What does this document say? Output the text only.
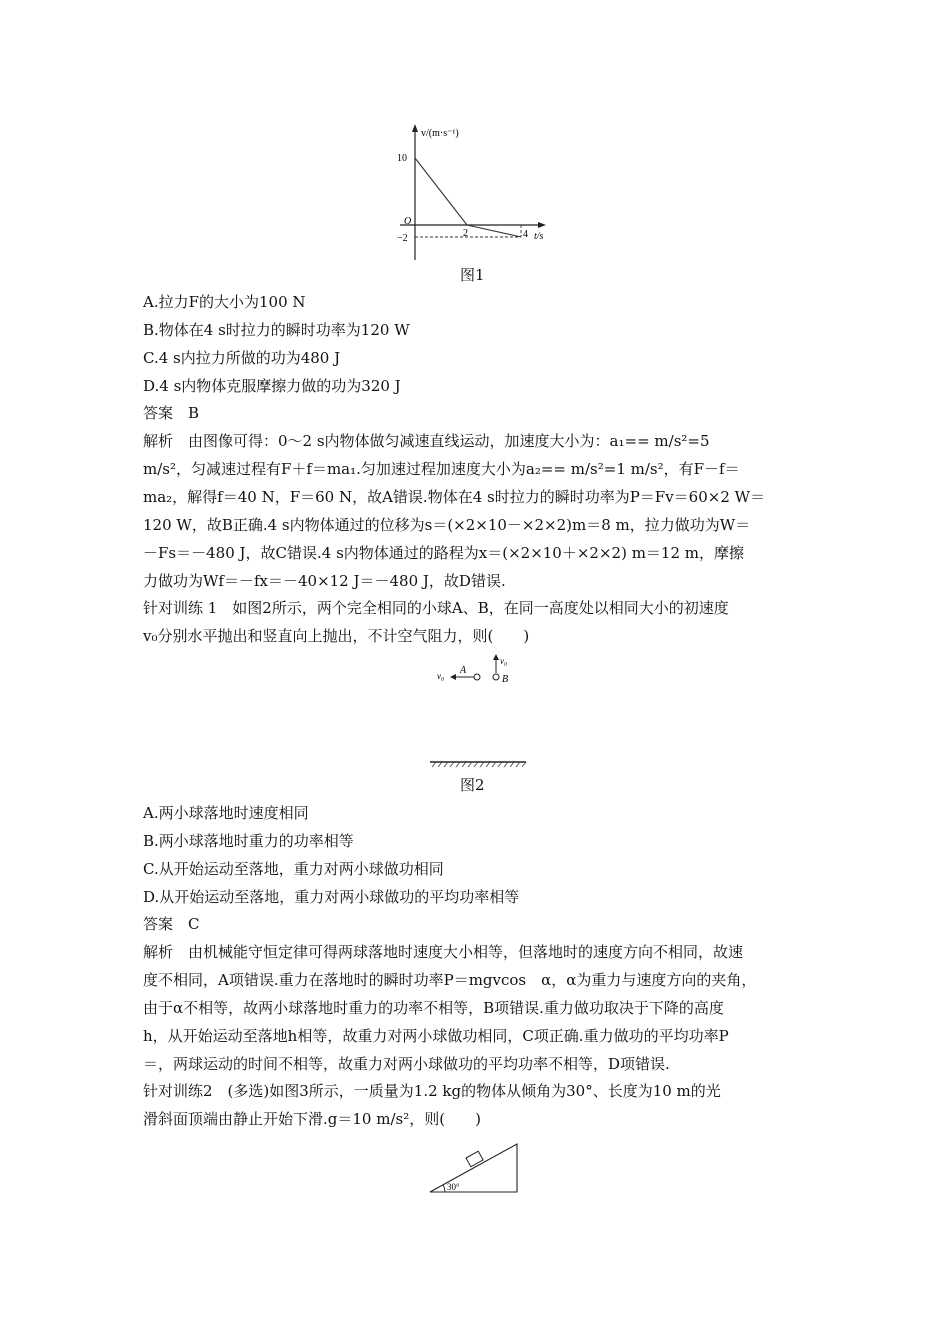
v/(m·s⁻¹)
t/s
O
10
−2	2	4
图1
A.拉力F的大小为100 N
B.物体在4 s时拉力的瞬时功率为120 W
C.4 s内拉力所做的功为480 J
D.4 s内物体克服摩擦力做的功为320 J
答案　B
解析　由图像可得：0～2 s内物体做匀减速直线运动，加速度大小为：a₁== m/s²=5
m/s²，匀减速过程有F＋f＝ma₁.匀加速过程加速度大小为a₂== m/s²=1 m/s²，有F－f＝
ma₂，解得f＝40 N，F＝60 N，故A错误.物体在4 s时拉力的瞬时功率为P＝Fv＝60×2 W＝
120 W，故B正确.4 s内物体通过的位移为s＝(×2×10－×2×2)m＝8 m，拉力做功为W＝
－Fs＝－480 J，故C错误.4 s内物体通过的路程为x＝(×2×10＋×2×2) m＝12 m，摩擦
力做功为Wf＝－fx＝－40×12 J＝－480 J，故D错误.
针对训练 1　如图2所示，两个完全相同的小球A、B，在同一高度处以相同大小的初速度
v₀分别水平抛出和竖直向上抛出，不计空气阻力，则(　　)
v₀ A
v₀
B
图2
A.两小球落地时速度相同
B.两小球落地时重力的功率相等
C.从开始运动至落地，重力对两小球做功相同
D.从开始运动至落地，重力对两小球做功的平均功率相等
答案　C
解析　由机械能守恒定律可得两球落地时速度大小相等，但落地时的速度方向不相同，故速
度不相同，A项错误.重力在落地时的瞬时功率P＝mgvcos　α，α为重力与速度方向的夹角，
由于α不相等，故两小球落地时重力的功率不相等，B项错误.重力做功取决于下降的高度
h，从开始运动至落地h相等，故重力对两小球做功相同，C项正确.重力做功的平均功率P
＝，两球运动的时间不相等，故重力对两小球做功的平均功率不相等，D项错误.
针对训练2　(多选)如图3所示，一质量为1.2 kg的物体从倾角为30°、长度为10 m的光
滑斜面顶端由静止开始下滑.g＝10 m/s²，则(　　)
30°
